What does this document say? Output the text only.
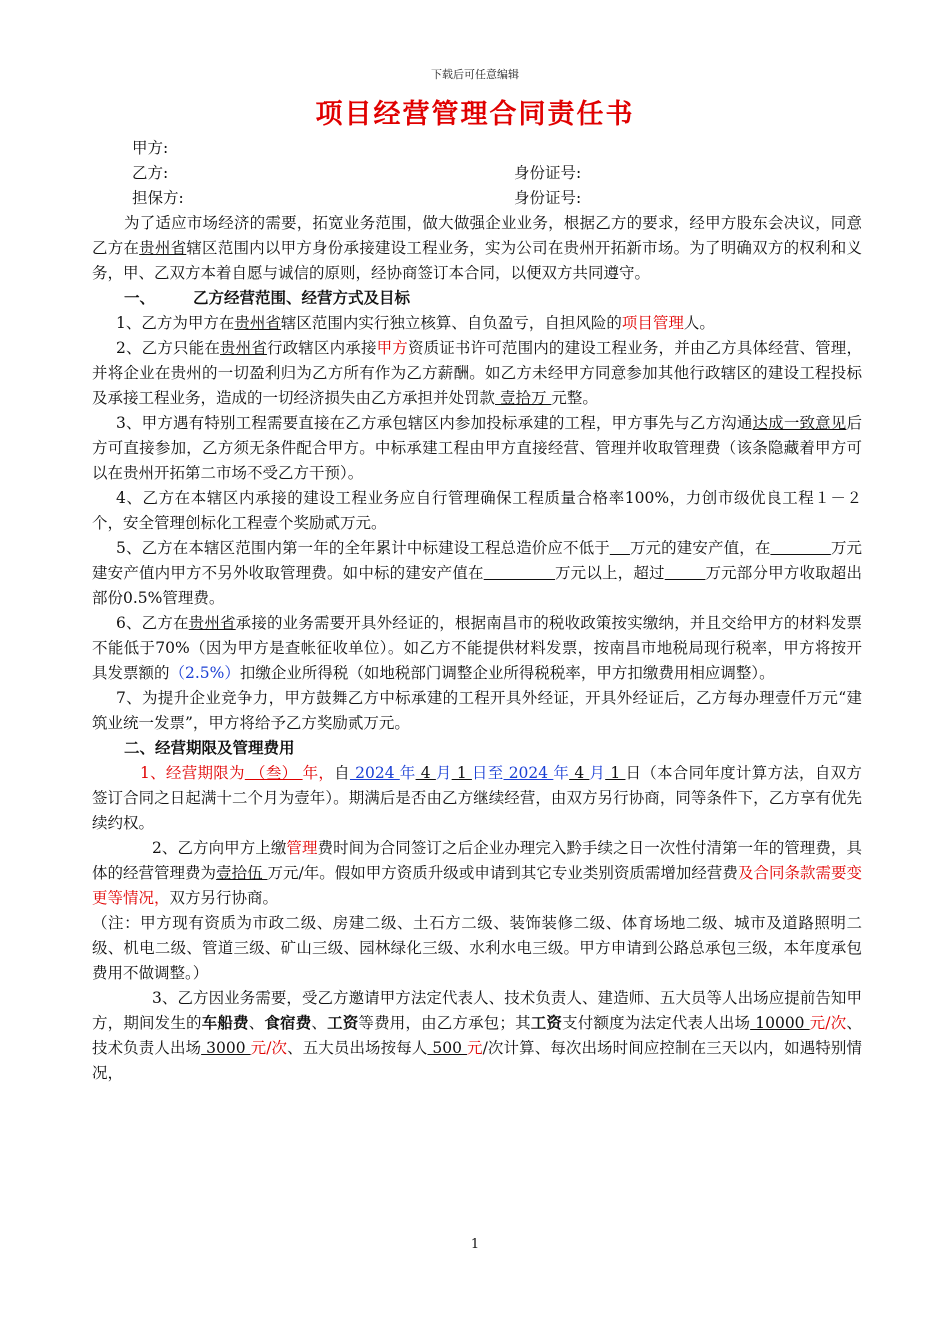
下载后可任意编辑
项目经营管理合同责任书
甲方:
乙方:	身份证号:
担保方:	身份证号:
为了适应市场经济的需要，拓宽业务范围，做大做强企业业务，根据乙方的要求，经甲方股东会决议，同意乙方在贵州省辖区范围内以甲方身份承接建设工程业务，实为公司在贵州开拓新市场。为了明确双方的权利和义务，甲、乙双方本着自愿与诚信的原则，经协商签订本合同，以便双方共同遵守。
一、 乙方经营范围、经营方式及目标
1、乙方为甲方在贵州省辖区范围内实行独立核算、自负盈亏，自担风险的项目管理人。
2、乙方只能在贵州省行政辖区内承接甲方资质证书许可范围内的建设工程业务，并由乙方具体经营、管理，并将企业在贵州的一切盈利归为乙方所有作为乙方薪酬。如乙方未经甲方同意参加其他行政辖区的建设工程投标及承接工程业务，造成的一切经济损失由乙方承担并处罚款 壹拾万 元整。
3、甲方遇有特别工程需要直接在乙方承包辖区内参加投标承建的工程，甲方事先与乙方沟通达成一致意见后方可直接参加，乙方须无条件配合甲方。中标承建工程由甲方直接经营、管理并收取管理费（该条隐藏着甲方可以在贵州开拓第二市场不受乙方干预）。
4、乙方在本辖区内承接的建设工程业务应自行管理确保工程质量合格率100%，力创市级优良工程１－２个，安全管理创标化工程壹个奖励贰万元。
5、乙方在本辖区范围内第一年的全年累计中标建设工程总造价应不低于 万元的建安产值，在	万元建安产值内甲方不另外收取管理费。如中标的建安产值在	万元以上，超过	万元部分甲方收取超出部份0.5%管理费。
6、乙方在贵州省承接的业务需要开具外经证的，根据南昌市的税收政策按实缴纳，并且交给甲方的材料发票不能低于70%（因为甲方是查帐征收单位）。如乙方不能提供材料发票，按南昌市地税局现行税率，甲方将按开具发票额的（2.5%）扣缴企业所得税（如地税部门调整企业所得税税率，甲方扣缴费用相应调整）。
7、为提升企业竞争力，甲方鼓舞乙方中标承建的工程开具外经证，开具外经证后，乙方每办理壹仟万元“建筑业统一发票”，甲方将给予乙方奖励贰万元。
二、经营期限及管理费用
1、经营期限为 （叁） 年，自 2024 年 4 月 1 日至 2024 年 4 月 1 日（本合同年度计算方法，自双方签订合同之日起满十二个月为壹年）。期满后是否由乙方继续经营，由双方另行协商，同等条件下，乙方享有优先续约权。
2、乙方向甲方上缴管理费时间为合同签订之后企业办理完入黔手续之日一次性付清第一年的管理费，具体的经营管理费为壹拾伍 万元/年。假如甲方资质升级或申请到其它专业类别资质需增加经营费及合同条款需要变更等情况，双方另行协商。
（注：甲方现有资质为市政二级、房建二级、土石方二级、装饰装修二级、体育场地二级、城市及道路照明二级、机电二级、管道三级、矿山三级、园林绿化三级、水利水电三级。甲方申请到公路总承包三级，本年度承包费用不做调整。）
3、乙方因业务需要，受乙方邀请甲方法定代表人、技术负责人、建造师、五大员等人出场应提前告知甲方，期间发生的车船费、食宿费、工资等费用，由乙方承包；其工资支付额度为法定代表人出场 10000 元/次、技术负责人出场 3000 元/次、五大员出场按每人 500 元/次计算、每次出场时间应控制在三天以内，如遇特别情况，
1
